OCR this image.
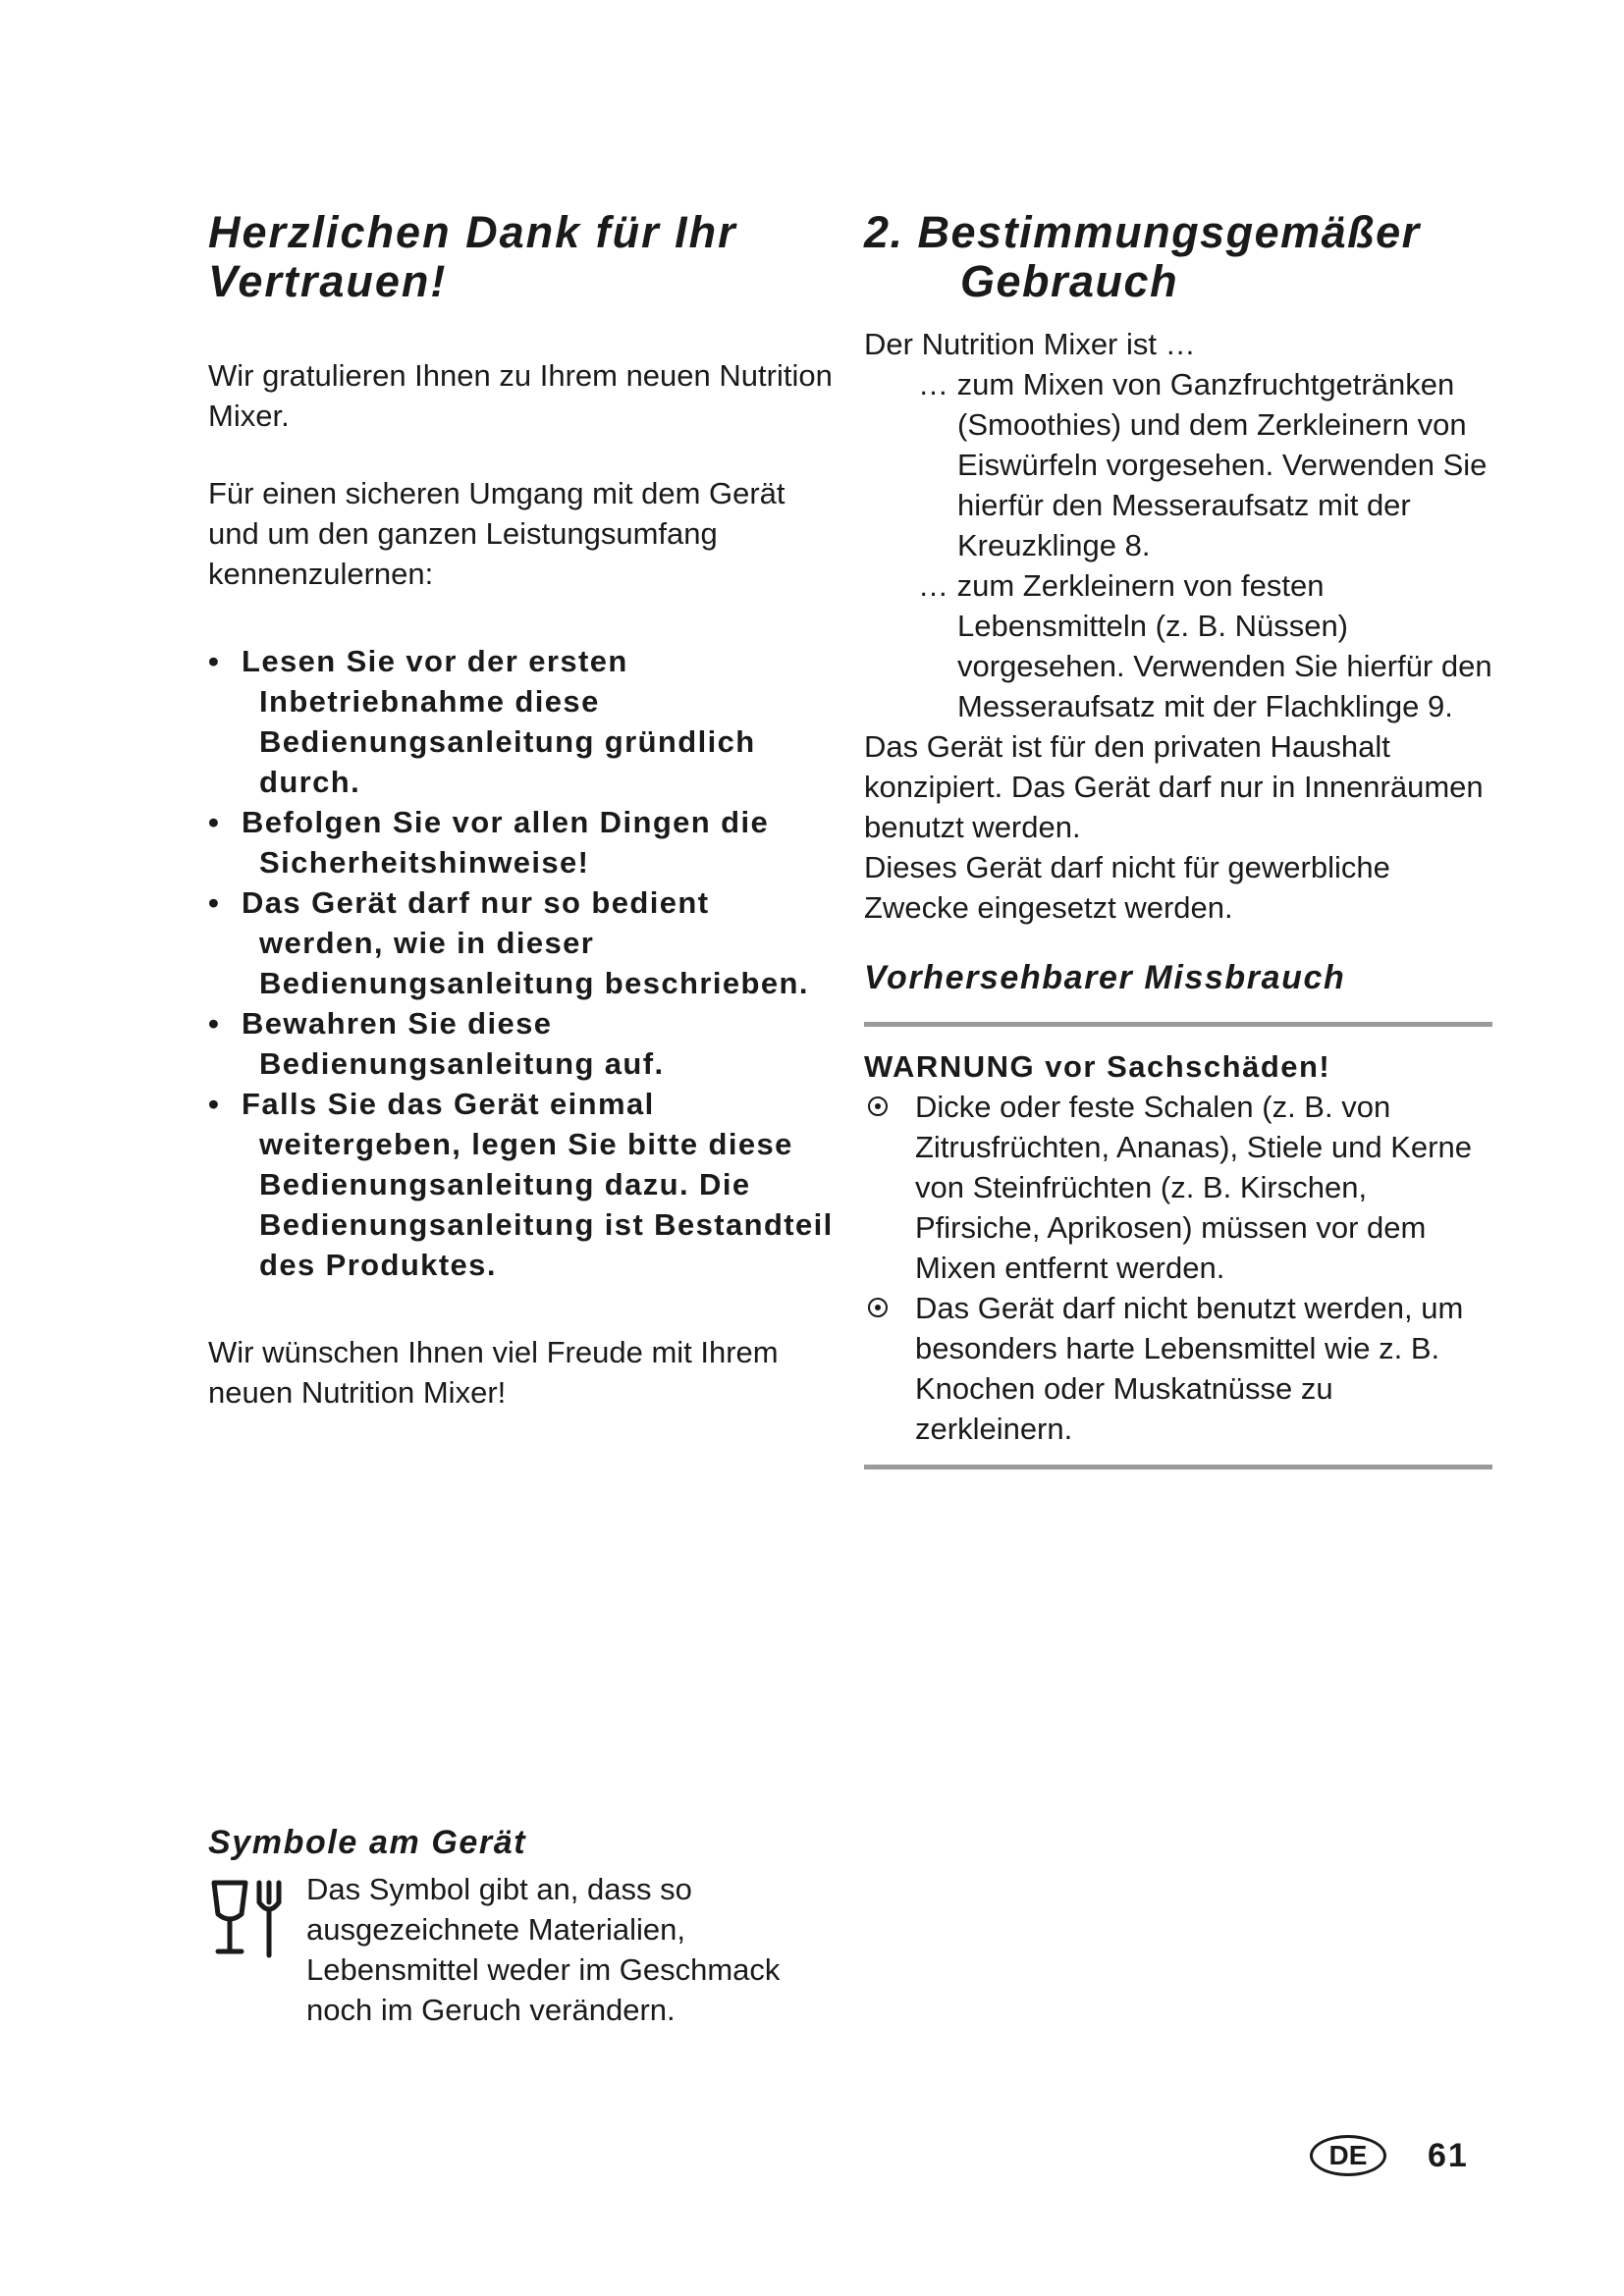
Herzlichen Dank für Ihr
Vertrauen!

Wir gratulieren Ihnen zu Ihrem neuen Nutrition Mixer.

Für einen sicheren Umgang mit dem Gerät und um den ganzen Leistungsumfang kennenzulernen:

• Lesen Sie vor der ersten Inbetriebnahme diese Bedienungsanleitung gründlich durch.
• Befolgen Sie vor allen Dingen die Sicherheitshinweise!
• Das Gerät darf nur so bedient werden, wie in dieser Bedienungsanleitung beschrieben.
• Bewahren Sie diese Bedienungsanleitung auf.
• Falls Sie das Gerät einmal weitergeben, legen Sie bitte diese Bedienungsanleitung dazu. Die Bedienungsanleitung ist Bestandteil des Produktes.

Wir wünschen Ihnen viel Freude mit Ihrem neuen Nutrition Mixer!

Symbole am Gerät
Das Symbol gibt an, dass so ausgezeichnete Materialien, Lebensmittel weder im Geschmack noch im Geruch verändern.
2. Bestimmungsgemäßer
Gebrauch

Der Nutrition Mixer ist …

… zum Mixen von Ganzfruchtgetränken (Smoothies) und dem Zerkleinern von Eiswürfeln vorgesehen. Verwenden Sie hierfür den Messeraufsatz mit der Kreuzklinge 8.
… zum Zerkleinern von festen Lebensmitteln (z. B. Nüssen) vorgesehen. Verwenden Sie hierfür den Messeraufsatz mit der Flachklinge 9.

Das Gerät ist für den privaten Haushalt konzipiert. Das Gerät darf nur in Innenräumen benutzt werden.

Dieses Gerät darf nicht für gewerbliche Zwecke eingesetzt werden.

Vorhersehbarer Missbrauch

WARNUNG vor Sachschäden!

Dicke oder feste Schalen (z. B. von Zitrusfrüchten, Ananas), Stiele und Kerne von Steinfrüchten (z. B. Kirschen, Pfirsiche, Aprikosen) müssen vor dem Mixen entfernt werden.
Das Gerät darf nicht benutzt werden, um besonders harte Lebensmittel wie z. B. Knochen oder Muskatnüsse zu zerkleinern.
DE	61
